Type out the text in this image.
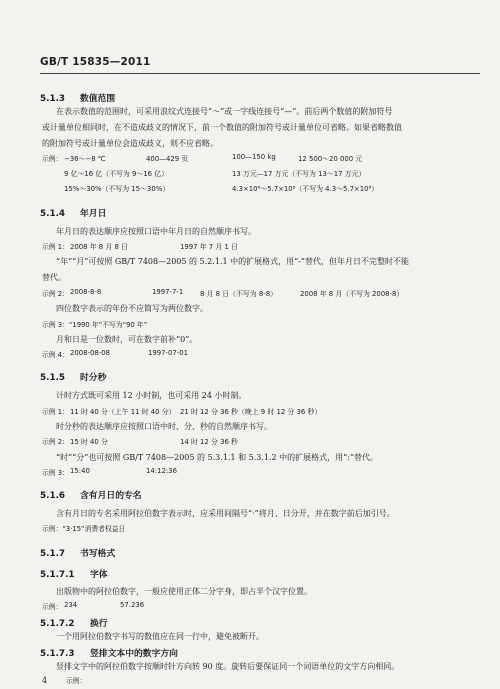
GB/T 15835—2011
5.1.3 数值范围
在表示数值的范围时，可采用浪纹式连接号“～”或一字线连接号“—”。前后两个数值的附加符号
或计量单位相同时，在不造成歧义的情况下，前一个数值的附加符号或计量单位可省略。如果省略数值
的附加符号或计量单位会造成歧义，则不应省略。
示例： −36～−8 ℃	400—429 页	100—150 kg	12 500～20 000 元
9 亿～16 亿（不写为 9～16 亿）	13 万元—17 万元（不写为 13～17 万元）
15%～30%（不写为 15～30%）	4.3×10⁶～5.7×10⁸（不写为 4.3～5.7×10⁸）
5.1.4 年月日
年月日的表达顺序应按照口语中年月日的自然顺序书写。
示例 1： 2008 年 8 月 8 日	1997 年 7 月 1 日
“年”“月”可按照 GB/T 7408—2005 的 5.2.1.1 中的扩展格式，用“-”替代，但年月日不完整时不能
替代。
示例 2： 2008-8-8	1997-7-1 8 月 8 日（不写为 8-8）	2008 年 8 月（不写为 2008-8）
四位数字表示的年份不应简写为两位数字。
示例 3：“1990 年”不写为“90 年”
月和日是一位数时，可在数字前补“0”。
示例 4： 2008-08-08	1997-07-01
5.1.5 时分秒
计时方式既可采用 12 小时制，也可采用 24 小时制。
示例 1： 11 时 40 分（上午 11 时 40 分） 21 时 12 分 36 秒（晚上 9 时 12 分 36 秒）
时分秒的表达顺序应按照口语中时、分、秒的自然顺序书写。
示例 2： 15 时 40 分	14 时 12 分 36 秒
“时”“分”也可按照 GB/T 7408—2005 的 5.3.1.1 和 5.3.1.2 中的扩展格式，用“:”替代。
示例 3： 15:40	14:12:36
5.1.6 含有月日的专名
含有月日的专名采用阿拉伯数字表示时，应采用间隔号“·”将月、日分开，并在数字前后加引号。
示例：“3·15”消费者权益日
5.1.7 书写格式
5.1.7.1 字体
出版物中的阿拉伯数字，一般应使用正体二分字身，即占半个汉字位置。
示例： 234	57.236
5.1.7.2 换行
一个用阿拉伯数字书写的数值应在同一行中，避免被断开。
5.1.7.3 竖排文本中的数字方向
竖排文字中的阿拉伯数字按顺时针方向转 90 度。旋转后要保证同一个词语单位的文字方向相同。
示例：
4
